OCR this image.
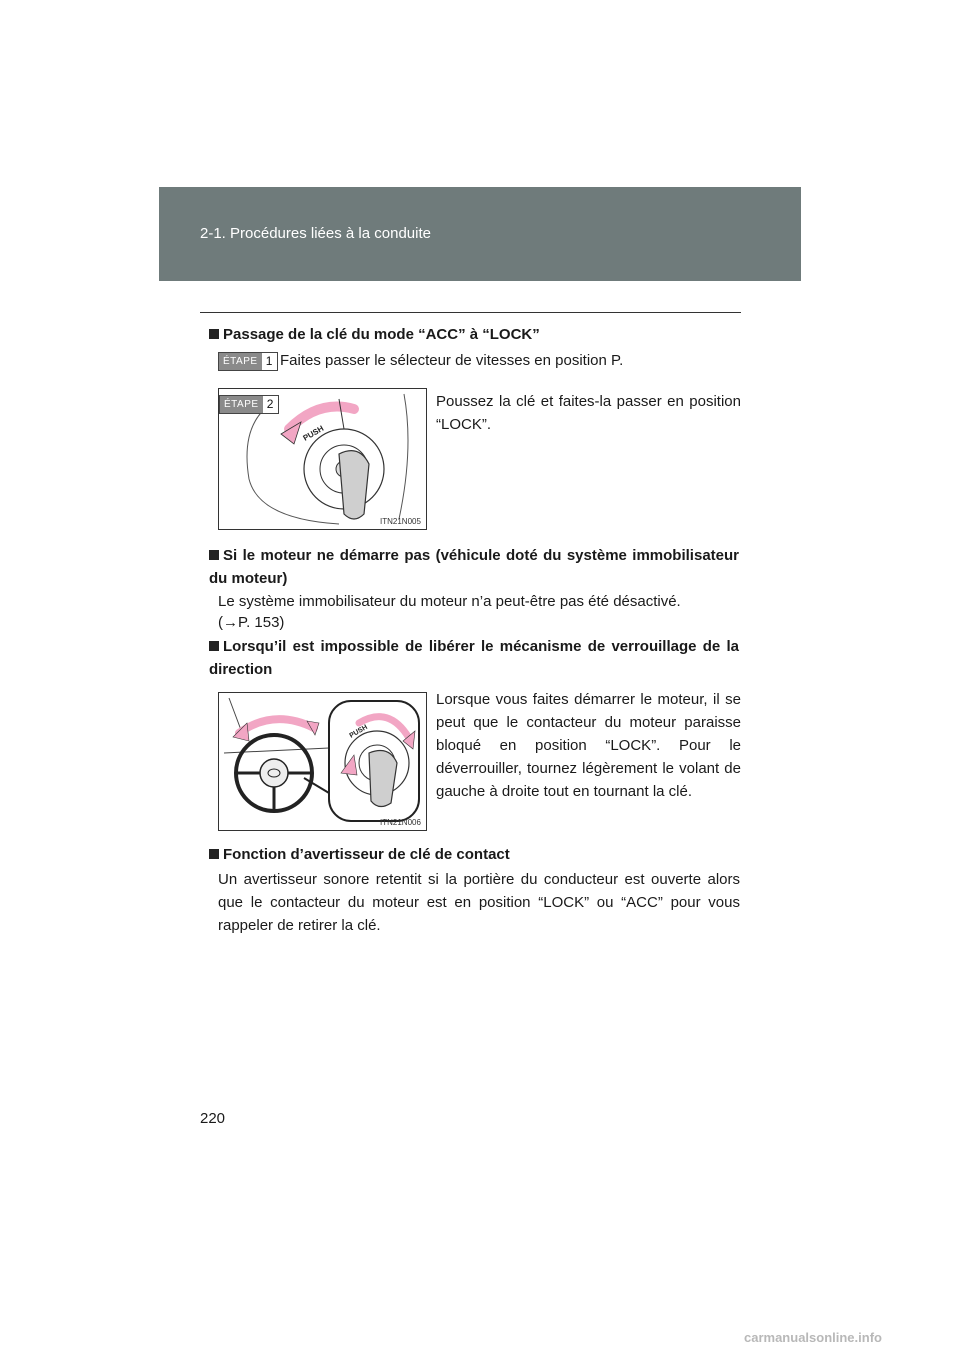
2-1. Procédures liées à la conduite
Passage de la clé du mode “ACC” à “LOCK”
ÉTAPE 1 Faites passer le sélecteur de vitesses en position P.
PUSH
ITN21N005
ÉTAPE 2	Poussez la clé et faites-la passer en position “LOCK”.
Si le moteur ne démarre pas (véhicule doté du système immobilisateur du moteur)
Le système immobilisateur du moteur n’a peut-être pas été désactivé.
(→P. 153)
Lorsqu’il est impossible de libérer le mécanisme de verrouillage de la direction
PUSH
ITN21N006
Lorsque vous faites démarrer le moteur, il se peut que le contacteur du moteur paraisse bloqué en position “LOCK”. Pour le déverrouiller, tournez légèrement le volant de gauche à droite tout en tournant la clé.
Fonction d’avertisseur de clé de contact
Un avertisseur sonore retentit si la portière du conducteur est ouverte alors que le contacteur du moteur est en position “LOCK” ou “ACC” pour vous rappeler de retirer la clé.
220
carmanualsonline.info
